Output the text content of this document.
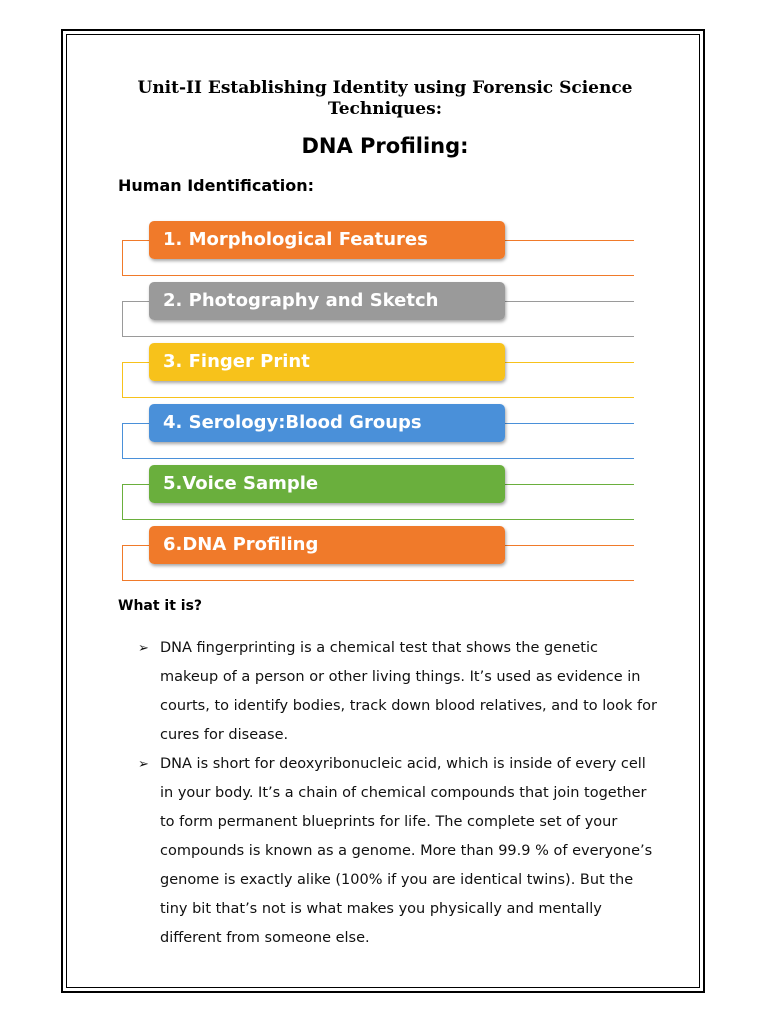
Unit-II Establishing Identity using Forensic Science
Techniques:
DNA Profiling:
Human Identification:
1. Morphological Features
2. Photography and Sketch
3. Finger Print
4. Serology:Blood Groups
5.Voice Sample
6.DNA Profiling
What it is?
➢ DNA fingerprinting is a chemical test that shows the genetic makeup of a person or other living things. It’s used as evidence in courts, to identify bodies, track down blood relatives, and to look for cures for disease.
➢ DNA is short for deoxyribonucleic acid, which is inside of every cell in your body. It’s a chain of chemical compounds that join together to form permanent blueprints for life. The complete set of your compounds is known as a genome. More than 99.9 % of everyone’s genome is exactly alike (100% if you are identical twins). But the tiny bit that’s not is what makes you physically and mentally different from someone else.
